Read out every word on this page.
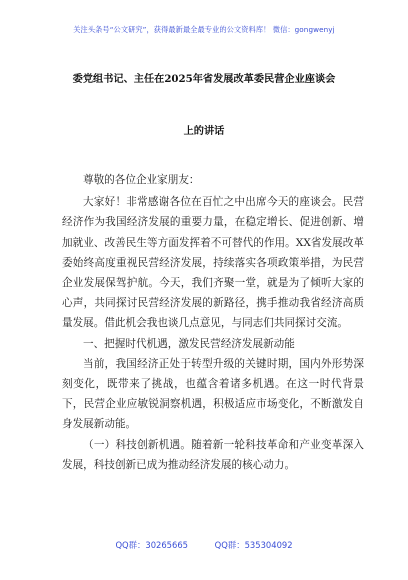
关注头条号“公文研究”，获得最新最全最专业的公文资料库！ 微信：gongwenyj
委党组书记、主任在2025年省发展改革委民营企业座谈会
上的讲话

尊敬的各位企业家朋友：

大家好！非常感谢各位在百忙之中出席今天的座谈会。民营经济作为我国经济发展的重要力量，在稳定增长、促进创新、增加就业、改善民生等方面发挥着不可替代的作用。XX省发展改革委始终高度重视民营经济发展，持续落实各项政策举措，为民营企业发展保驾护航。今天，我们齐聚一堂，就是为了倾听大家的心声，共同探讨民营经济发展的新路径，携手推动我省经济高质量发展。借此机会我也谈几点意见，与同志们共同探讨交流。

一、把握时代机遇，激发民营经济发展新动能

当前，我国经济正处于转型升级的关键时期，国内外形势深刻变化，既带来了挑战，也蕴含着诸多机遇。在这一时代背景下，民营企业应敏锐洞察机遇，积极适应市场变化，不断激发自身发展新动能。

（一）科技创新机遇。随着新一轮科技革命和产业变革深入发展，科技创新已成为推动经济发展的核心动力。

QQ群：30265665	QQ群：535304092
